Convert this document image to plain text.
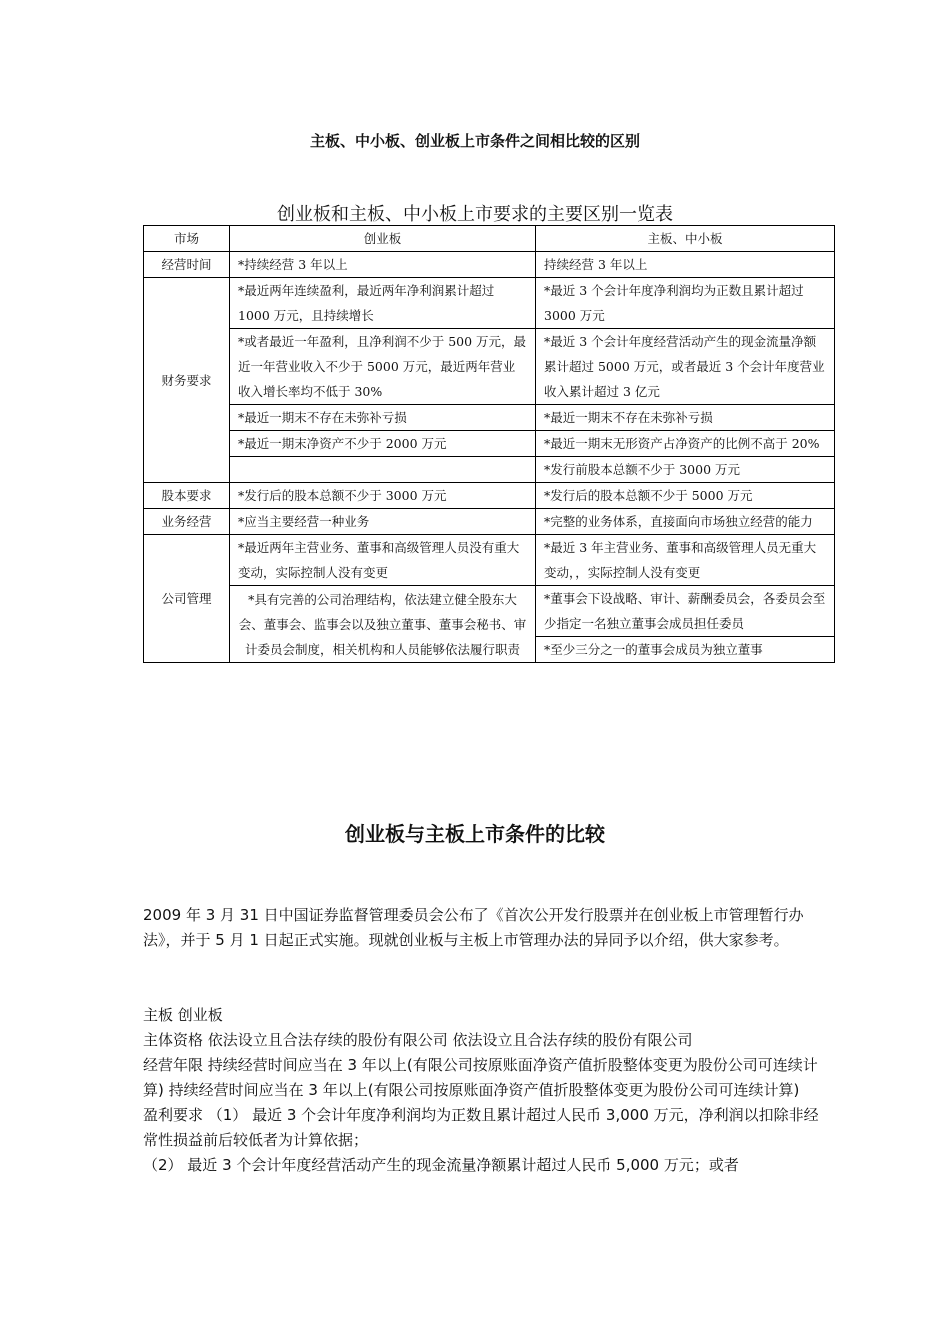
主板、中小板、创业板上市条件之间相比较的区别
创业板和主板、中小板上市要求的主要区别一览表
市场	创业板	主板、中小板
经营时间	*持续经营 3 年以上	持续经营 3 年以上
财务要求	*最近两年连续盈利，最近两年净利润累计超过 1000 万元，且持续增长	*最近 3 个会计年度净利润均为正数且累计超过 3000 万元
	*或者最近一年盈利，且净利润不少于 500 万元，最近一年营业收入不少于 5000 万元，最近两年营业收入增长率均不低于 30%	*最近 3 个会计年度经营活动产生的现金流量净额累计超过 5000 万元，或者最近 3 个会计年度营业收入累计超过 3 亿元
	*最近一期末不存在未弥补亏损	*最近一期末不存在未弥补亏损
	*最近一期末净资产不少于 2000 万元	*最近一期末无形资产占净资产的比例不高于 20%
		*发行前股本总额不少于 3000 万元
股本要求	*发行后的股本总额不少于 3000 万元	*发行后的股本总额不少于 5000 万元
业务经营	*应当主要经营一种业务	*完整的业务体系，直接面向市场独立经营的能力
公司管理	*最近两年主营业务、董事和高级管理人员没有重大变动，实际控制人没有变更	*最近 3 年主营业务、董事和高级管理人员无重大变动，，实际控制人没有变更
	*具有完善的公司治理结构，依法建立健全股东大会、董事会、监事会以及独立董事、董事会秘书、审计委员会制度，相关机构和人员能够依法履行职责	*董事会下设战略、审计、薪酬委员会，各委员会至少指定一名独立董事会成员担任委员
		*至少三分之一的董事会成员为独立董事
创业板与主板上市条件的比较

2009 年 3 月 31 日中国证券监督管理委员会公布了《首次公开发行股票并在创业板上市管理暂行办法》，并于 5 月 1 日起正式实施。现就创业板与主板上市管理办法的异同予以介绍，供大家参考。

主板 创业板

主体资格 依法设立且合法存续的股份有限公司 依法设立且合法存续的股份有限公司

经营年限 持续经营时间应当在 3 年以上(有限公司按原账面净资产值折股整体变更为股份公司可连续计算) 持续经营时间应当在 3 年以上(有限公司按原账面净资产值折股整体变更为股份公司可连续计算)

盈利要求 （1） 最近 3 个会计年度净利润均为正数且累计超过人民币 3,000 万元，净利润以扣除非经常性损益前后较低者为计算依据；

（2） 最近 3 个会计年度经营活动产生的现金流量净额累计超过人民币 5,000 万元；或者
